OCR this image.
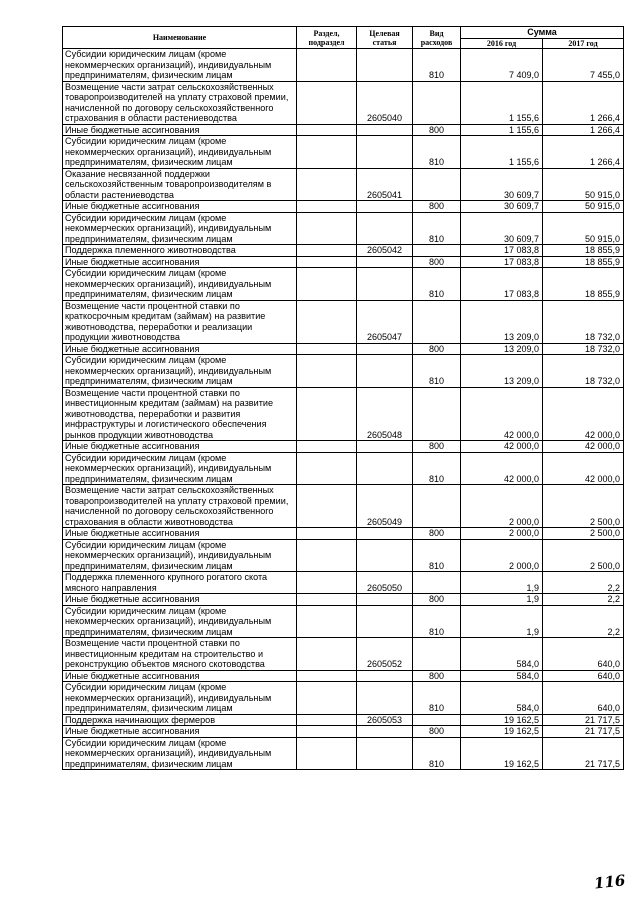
Наименование	Раздел, подраздел	Целевая статья	Вид расходов	Сумма	
				2016 год	2017 год
Субсидии юридическим лицам (кроме некоммерческих организаций), индивидуальным предпринимателям, физическим лицам			810	7 409,0	7 455,0
Возмещение части затрат сельскохозяйственных товаропроизводителей на уплату страховой премии, начисленной по договору сельскохозяйственного страхования в области растениеводства		2605040		1 155,6	1 266,4
Иные бюджетные ассигнования			800	1 155,6	1 266,4
Субсидии юридическим лицам (кроме некоммерческих организаций), индивидуальным предпринимателям, физическим лицам			810	1 155,6	1 266,4
Оказание несвязанной поддержки сельскохозяйственным товаропроизводителям в области растениеводства		2605041		30 609,7	50 915,0
Иные бюджетные ассигнования			800	30 609,7	50 915,0
Субсидии юридическим лицам (кроме некоммерческих организаций), индивидуальным предпринимателям, физическим лицам			810	30 609,7	50 915,0
Поддержка племенного животноводства		2605042		17 083,8	18 855,9
Иные бюджетные ассигнования			800	17 083,8	18 855,9
Субсидии юридическим лицам (кроме некоммерческих организаций), индивидуальным предпринимателям, физическим лицам			810	17 083,8	18 855,9
Возмещение части процентной ставки по краткосрочным кредитам (займам) на развитие животноводства, переработки и реализации продукции животноводства		2605047		13 209,0	18 732,0
Иные бюджетные ассигнования			800	13 209,0	18 732,0
Субсидии юридическим лицам (кроме некоммерческих организаций), индивидуальным предпринимателям, физическим лицам			810	13 209,0	18 732,0
Возмещение части процентной ставки по инвестиционным кредитам (займам) на развитие животноводства, переработки и развития инфраструктуры и логистического обеспечения рынков продукции животноводства		2605048		42 000,0	42 000,0
Иные бюджетные ассигнования			800	42 000,0	42 000,0
Субсидии юридическим лицам (кроме некоммерческих организаций), индивидуальным предпринимателям, физическим лицам			810	42 000,0	42 000,0
Возмещение части затрат сельскохозяйственных товаропроизводителей на уплату страховой премии, начисленной по договору сельскохозяйственного страхования в области животноводства		2605049		2 000,0	2 500,0
Иные бюджетные ассигнования			800	2 000,0	2 500,0
Субсидии юридическим лицам (кроме некоммерческих организаций), индивидуальным предпринимателям, физическим лицам			810	2 000,0	2 500,0
Поддержка племенного крупного рогатого скота мясного направления		2605050		1,9	2,2
Иные бюджетные ассигнования			800	1,9	2,2
Субсидии юридическим лицам (кроме некоммерческих организаций), индивидуальным предпринимателям, физическим лицам			810	1,9	2,2
Возмещение части процентной ставки по инвестиционным кредитам на строительство и реконструкцию объектов мясного скотоводства		2605052		584,0	640,0
Иные бюджетные ассигнования			800	584,0	640,0
Субсидии юридическим лицам (кроме некоммерческих организаций), индивидуальным предпринимателям, физическим лицам			810	584,0	640,0
Поддержка начинающих фермеров		2605053		19 162,5	21 717,5
Иные бюджетные ассигнования			800	19 162,5	21 717,5
Субсидии юридическим лицам (кроме некоммерческих организаций), индивидуальным предпринимателям, физическим лицам			810	19 162,5	21 717,5
116
